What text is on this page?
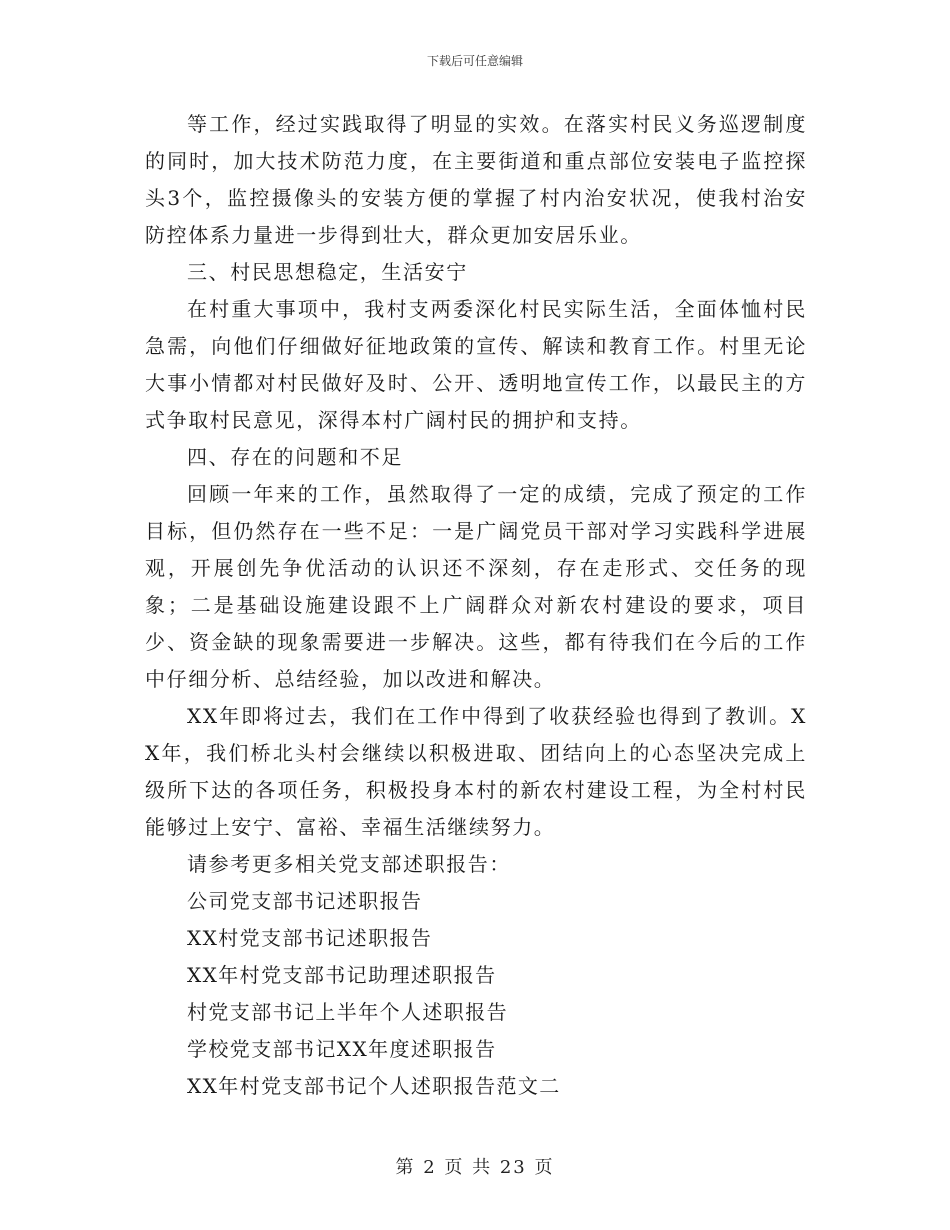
下载后可任意编辑

等工作，经过实践取得了明显的实效。在落实村民义务巡逻制度的同时，加大技术防范力度，在主要街道和重点部位安装电子监控探头3个，监控摄像头的安装方便的掌握了村内治安状况，使我村治安防控体系力量进一步得到壮大，群众更加安居乐业。

三、村民思想稳定，生活安宁

在村重大事项中，我村支两委深化村民实际生活，全面体恤村民急需，向他们仔细做好征地政策的宣传、解读和教育工作。村里无论大事小情都对村民做好及时、公开、透明地宣传工作，以最民主的方式争取村民意见，深得本村广阔村民的拥护和支持。

四、存在的问题和不足

回顾一年来的工作，虽然取得了一定的成绩，完成了预定的工作目标，但仍然存在一些不足：一是广阔党员干部对学习实践科学进展观，开展创先争优活动的认识还不深刻，存在走形式、交任务的现象；二是基础设施建设跟不上广阔群众对新农村建设的要求，项目少、资金缺的现象需要进一步解决。这些，都有待我们在今后的工作中仔细分析、总结经验，加以改进和解决。

XX年即将过去，我们在工作中得到了收获经验也得到了教训。XX年，我们桥北头村会继续以积极进取、团结向上的心态坚决完成上级所下达的各项任务，积极投身本村的新农村建设工程，为全村村民能够过上安宁、富裕、幸福生活继续努力。

请参考更多相关党支部述职报告：

公司党支部书记述职报告
XX村党支部书记述职报告
XX年村党支部书记助理述职报告
村党支部书记上半年个人述职报告
学校党支部书记XX年度述职报告
XX年村党支部书记个人述职报告范文二
第 2 页 共 23 页
